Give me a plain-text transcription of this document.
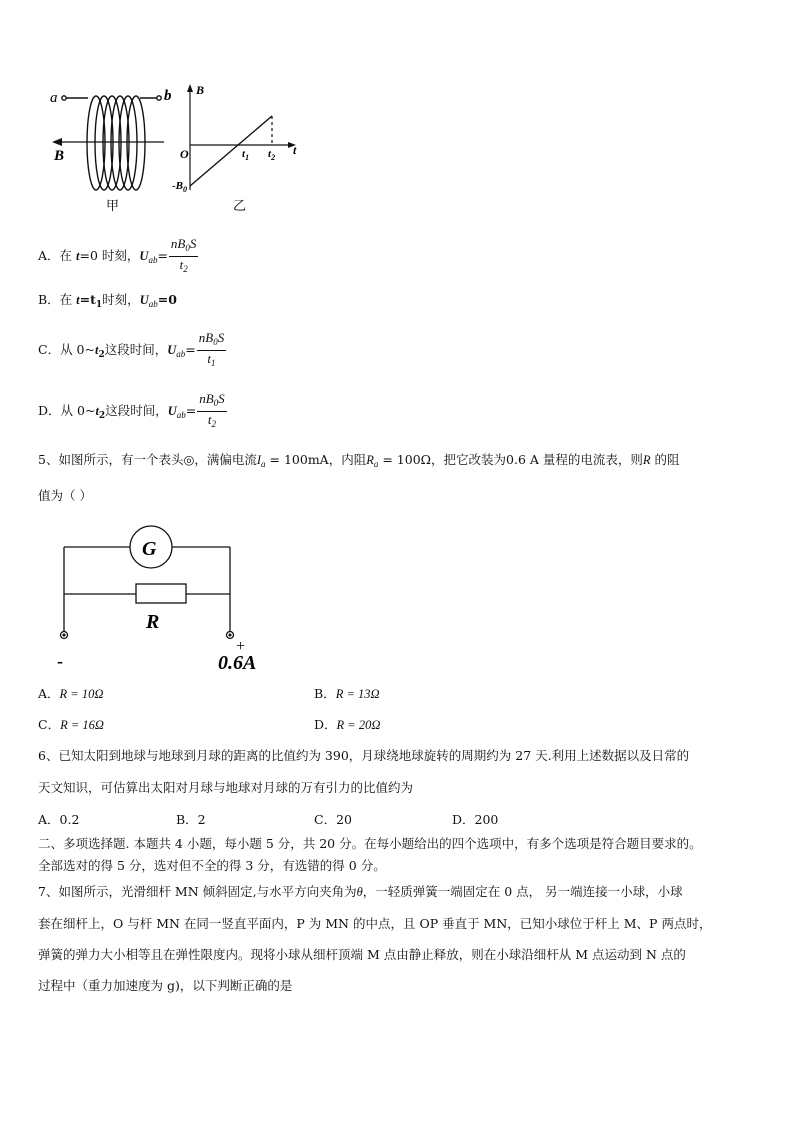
a	b
B
甲
B
O
$-B_0$
$t_1$ $t_2$
t
乙
A．在 t=0 时刻，$U_{ab}= \frac{nB_0S}{t_2}$
B．在 $t=t_1$时刻，$U_{ab}=0$
C．从 $0\sim t_2$这段时间，$U_{ab}= \frac{nB_0S}{t_1}$
D．从 $0\sim t_2$这段时间，$U_{ab}= \frac{nB_0S}{t_2}$
5、如图所示，有一个表头◎，满偏电流$I_a = 100mA$，内阻$R_a = 100\Omega$，把它改装为0.6 A 量程的电流表，则R 的阻
值为（ ）
G
R
-
+
0.6A
A．R = 10Ω	B．R = 13Ω
C．R = 16Ω	D．R = 20Ω
6、已知太阳到地球与地球到月球的距离的比值约为 390，月球绕地球旋转的周期约为 27 天.利用上述数据以及日常的
天文知识，可估算出太阳对月球与地球对月球的万有引力的比值约为
A．0.2	B．2	C．20	D．200
二、多项选择题. 本题共 4 小题，每小题 5 分，共 20 分。在每小题给出的四个选项中，有多个选项是符合题目要求的。
全部选对的得 5 分，选对但不全的得 3 分，有选错的得 0 分。
7、如图所示，光滑细杆 MN 倾斜固定,与水平方向夹角为θ，一轻质弹簧一端固定在 0 点， 另一端连接一小球，小球
套在细杆上，O 与杆 MN 在同一竖直平面内，P 为 MN 的中点，且 OP 垂直于 MN，已知小球位于杆上 M、P 两点时，
弹簧的弹力大小相等且在弹性限度内。现将小球从细杆顶端 M 点由静止释放，则在小球沿细杆从 M 点运动到 N 点的
过程中（重力加速度为 g)，以下判断正确的是
